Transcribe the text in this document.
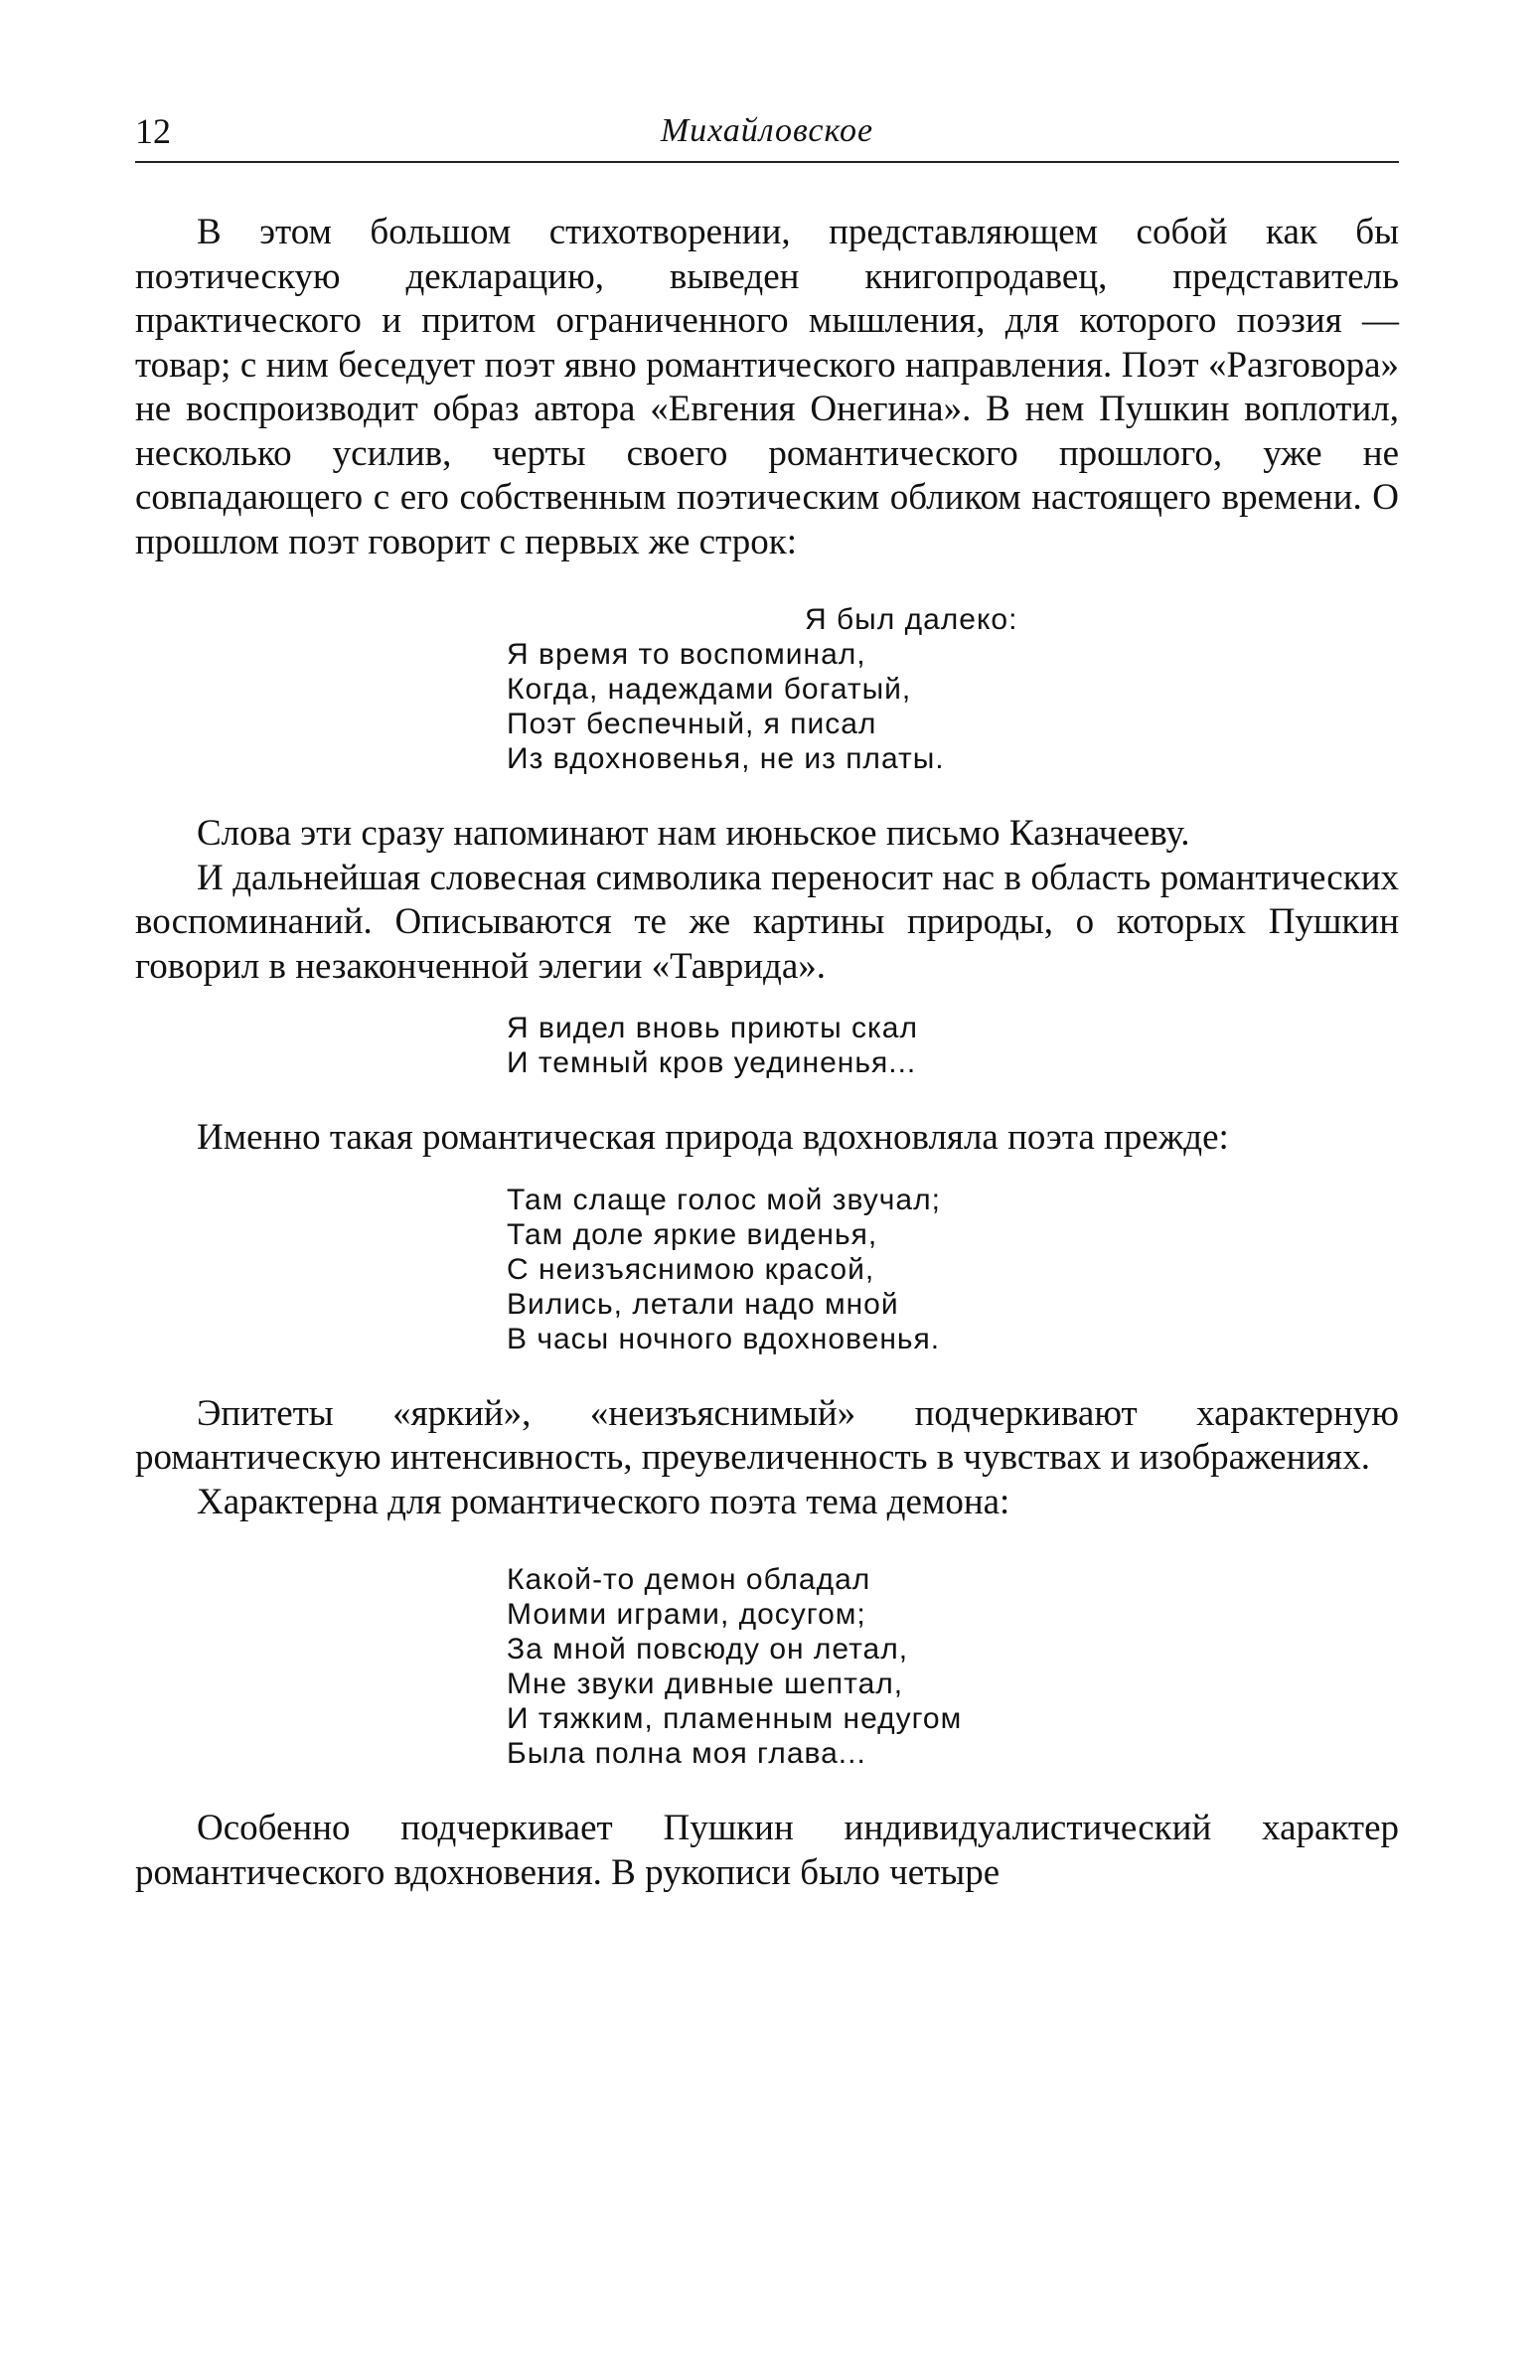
12	Михайловское

В этом большом стихотворении, представляющем собой как бы поэтическую декларацию, выведен книгопродавец, представитель практического и притом ограниченного мышления, для которого поэзия — товар; с ним беседует поэт явно романтического направления. Поэт «Разговора» не воспроизводит образ автора «Евгения Онегина». В нем Пушкин воплотил, несколько усилив, черты своего романтического прошлого, уже не совпадающего с его собственным поэтическим обликом настоящего времени. О прошлом поэт говорит с первых же строк:

Я был далеко:
Я время то воспоминал,
Когда, надеждами богатый,
Поэт беспечный, я писал
Из вдохновенья, не из платы.

Слова эти сразу напоминают нам июньское письмо Казначееву.

И дальнейшая словесная символика переносит нас в область романтических воспоминаний. Описываются те же картины природы, о которых Пушкин говорил в незаконченной элегии «Таврида».

Я видел вновь приюты скал
И темный кров уединенья...

Именно такая романтическая природа вдохновляла поэта прежде:

Там слаще голос мой звучал;
Там доле яркие виденья,
С неизъяснимою красой,
Вились, летали надо мной
В часы ночного вдохновенья.

Эпитеты «яркий», «неизъяснимый» подчеркивают характерную романтическую интенсивность, преувеличенность в чувствах и изображениях.

Характерна для романтического поэта тема демона:

Какой-то демон обладал
Моими играми, досугом;
За мной повсюду он летал,
Мне звуки дивные шептал,
И тяжким, пламенным недугом
Была полна моя глава...

Особенно подчеркивает Пушкин индивидуалистический характер романтического вдохновения. В рукописи было четыре
